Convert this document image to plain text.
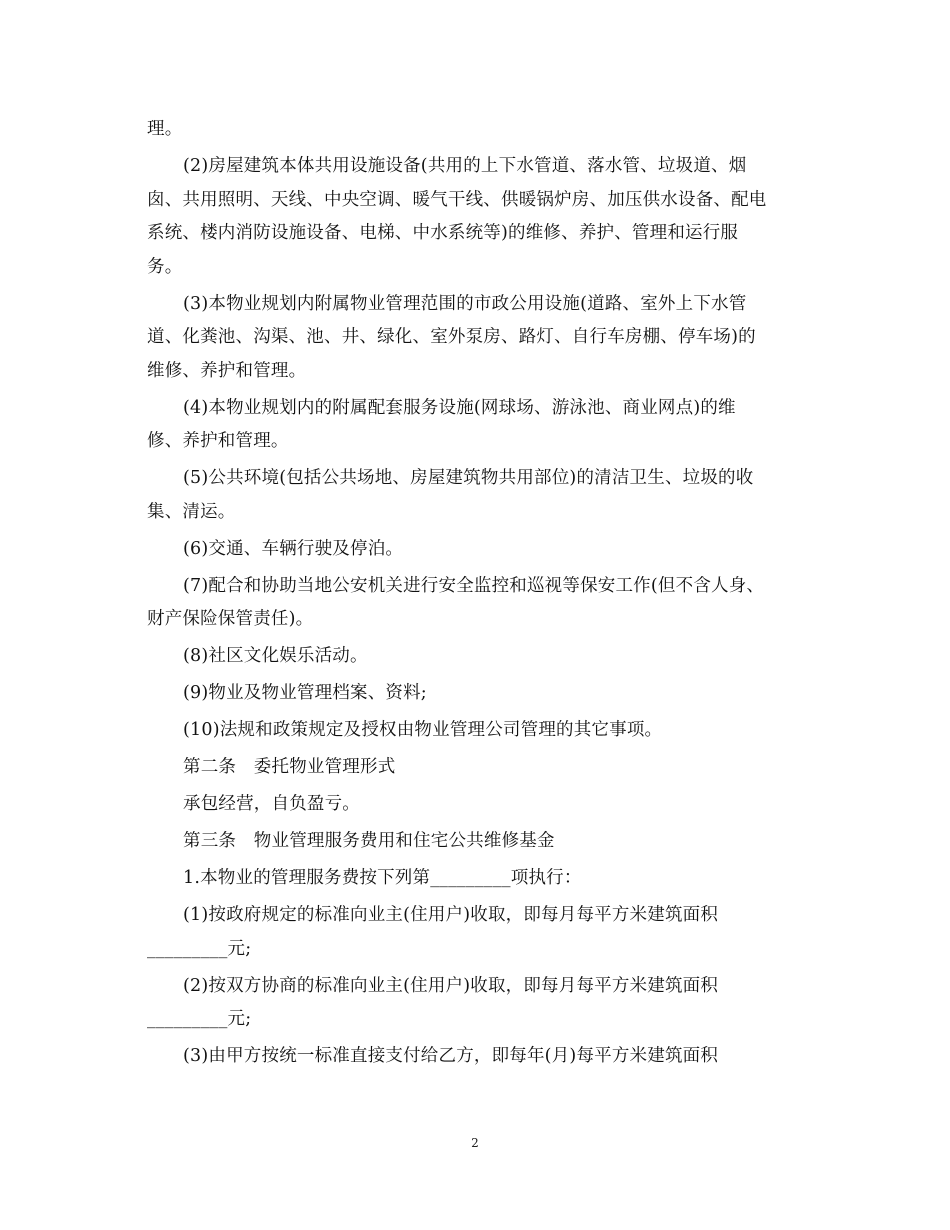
理。
(2)房屋建筑本体共用设施设备(共用的上下水管道、落水管、垃圾道、烟
囱、共用照明、天线、中央空调、暖气干线、供暖锅炉房、加压供水设备、配电
系统、楼内消防设施设备、电梯、中水系统等)的维修、养护、管理和运行服
务。
(3)本物业规划内附属物业管理范围的市政公用设施(道路、室外上下水管
道、化粪池、沟渠、池、井、绿化、室外泵房、路灯、自行车房棚、停车场)的
维修、养护和管理。
(4)本物业规划内的附属配套服务设施(网球场、游泳池、商业网点)的维
修、养护和管理。
(5)公共环境(包括公共场地、房屋建筑物共用部位)的清洁卫生、垃圾的收
集、清运。
(6)交通、车辆行驶及停泊。
(7)配合和协助当地公安机关进行安全监控和巡视等保安工作(但不含人身、
财产保险保管责任)。
(8)社区文化娱乐活动。
(9)物业及物业管理档案、资料;
(10)法规和政策规定及授权由物业管理公司管理的其它事项。
第二条　委托物业管理形式
承包经营，自负盈亏。
第三条　物业管理服务费用和住宅公共维修基金
1.本物业的管理服务费按下列第_________项执行：
(1)按政府规定的标准向业主(住用户)收取，即每月每平方米建筑面积
_________元;
(2)按双方协商的标准向业主(住用户)收取，即每月每平方米建筑面积
_________元;
(3)由甲方按统一标准直接支付给乙方，即每年(月)每平方米建筑面积
2
